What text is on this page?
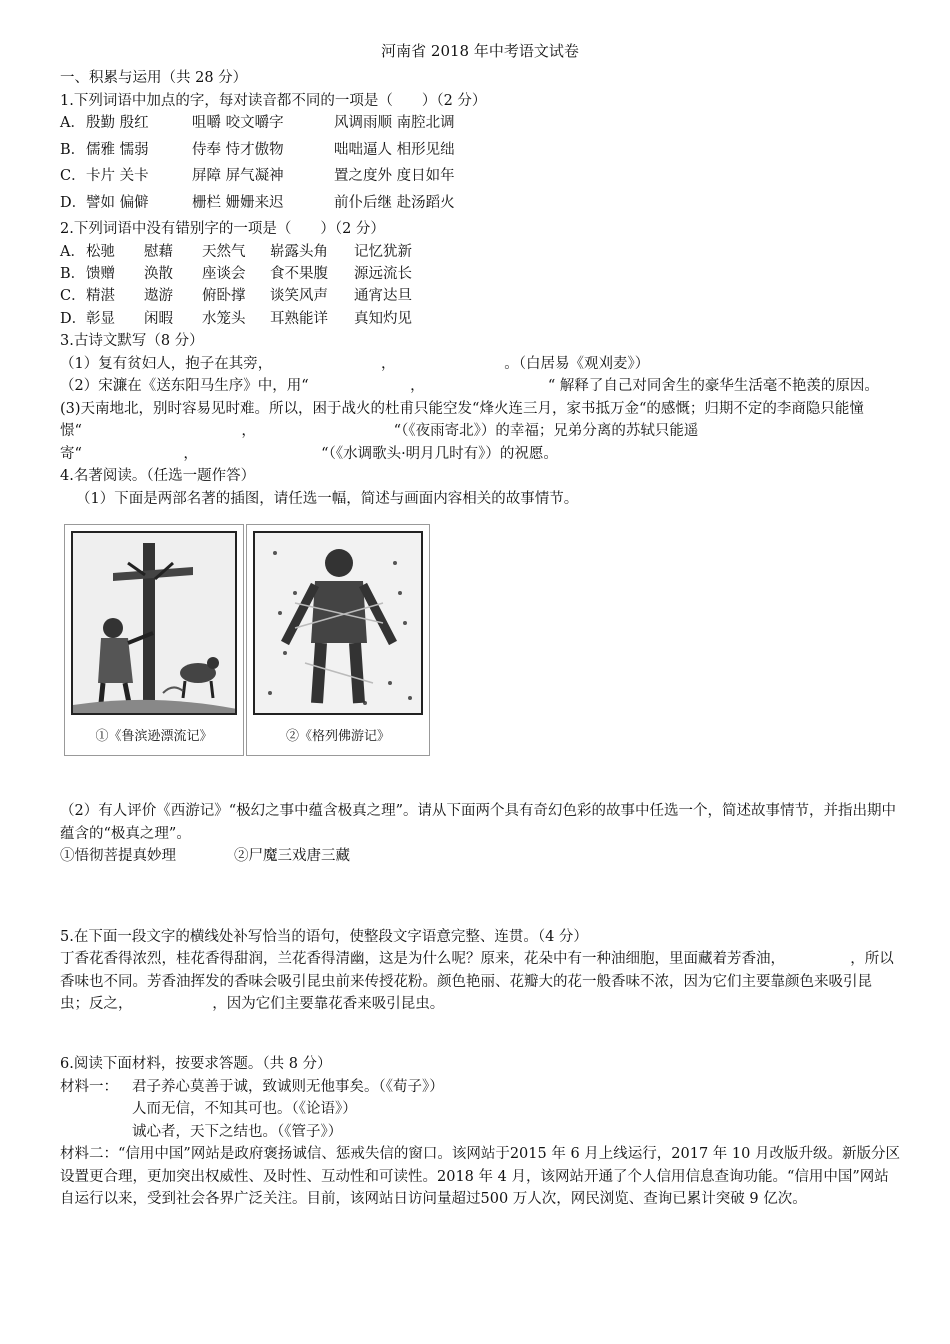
河南省 2018 年中考语文试卷
一、积累与运用（共 28 分）
1.下列词语中加点的字，每对读音都不同的一项是（　　）（2 分）
A． 殷勤 殷红	咀嚼 咬文嚼字	风调雨顺 南腔北调
B． 儒雅 懦弱	侍奉 恃才傲物	咄咄逼人 相形见绌
C． 卡片 关卡	屏障 屏气凝神	置之度外 度日如年
D． 譬如 偏僻	栅栏 姗姗来迟	前仆后继 赴汤蹈火
2.下列词语中没有错别字的一项是（　　）（2 分）
A． 松驰	慰藉	天然气	崭露头角	记忆犹新
B． 馈赠	涣散	座谈会	食不果腹	源远流长
C． 精湛	遨游	俯卧撑	谈笑风声	通宵达旦
D． 彰显	闲暇	水笼头	耳熟能详	真知灼见
3.古诗文默写（8 分）
（1）复有贫妇人，抱子在其旁，　　　　　　　　，　　　　　　　　。（白居易《观刈麦》）
（2）宋濂在《送东阳马生序》中，用“　　　　　　　，　　　　　　　　　“ 解释了自己对同舍生的豪华生活毫不艳羡的原因。
(3)天南地北，别时容易见时难。所以，困于战火的杜甫只能空发“烽火连三月，家书抵万金“的感慨；归期不定的李商隐只能憧憬“　　　　　　　　　　　，　　　　　　　　　　“（《夜雨寄北》）的幸福；兄弟分离的苏轼只能遥寄“　　　　　　　，　　　　　　　　　“（《水调歌头·明月几时有》）的祝愿。
4.名著阅读。（任选一题作答）
（1）下面是两部名著的插图，请任选一幅，简述与画面内容相关的故事情节。
①《鲁滨逊漂流记》	②《格列佛游记》
（2）有人评价《西游记》“极幻之事中蕴含极真之理”。请从下面两个具有奇幻色彩的故事中任选一个，简述故事情节，并指出期中蕴含的“极真之理”。
①悟彻菩提真妙理　　　　②尸魔三戏唐三藏
5.在下面一段文字的横线处补写恰当的语句，使整段文字语意完整、连贯。（4 分）
丁香花香得浓烈，桂花香得甜润，兰花香得清幽，这是为什么呢？原来，花朵中有一种油细胞，里面藏着芳香油，　　　　　，所以香味也不同。芳香油挥发的香味会吸引昆虫前来传授花粉。颜色艳丽、花瓣大的花一般香味不浓，因为它们主要靠颜色来吸引昆虫；反之，　　　　　　，因为它们主要靠花香来吸引昆虫。
6.阅读下面材料，按要求答题。（共 8 分）
材料一： 君子养心莫善于诚，致诚则无他事矣。（《荀子》）
人而无信，不知其可也。（《论语》）
诚心者，天下之结也。（《管子》）
材料二：“信用中国”网站是政府褒扬诚信、惩戒失信的窗口。该网站于2015 年 6 月上线运行，2017 年 10 月改版升级。新版分区设置更合理，更加突出权威性、及时性、互动性和可读性。2018 年 4 月，该网站开通了个人信用信息查询功能。“信用中国”网站自运行以来，受到社会各界广泛关注。目前，该网站日访问量超过500 万人次，网民浏览、查询已累计突破 9 亿次。
